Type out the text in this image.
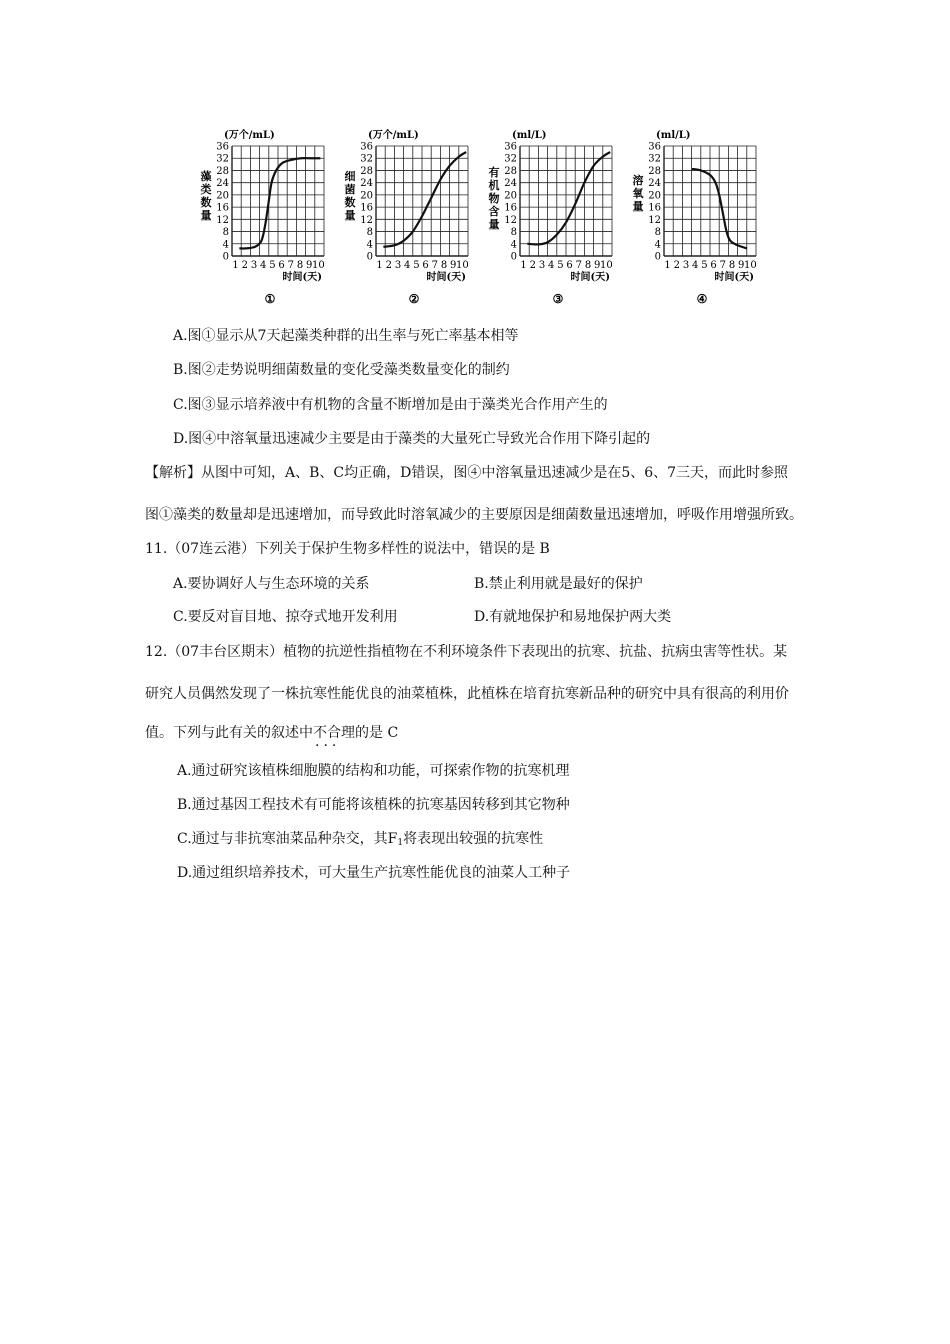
0
4
8
12
16
20
24
28
32
36
1 2 3 4 5 6 7 8 9 10
(万个/mL)
藻
类
数
量
时间(天)
①
0
4
8
12
16
20
24
28
32
36
1 2 3 4 5 6 7 8 9 10
(万个/mL)
细
菌
数
量
时间(天)
②
0
4
8
12
16
20
24
28
32
36
1 2 3 4 5 6 7 8 9 10
(ml/L)
有
机
物
含
量
时间(天)
③
0
4
8
12
16
20
24
28
32
36
1 2 3 4 5 6 7 8 9 10
(ml/L)
溶
氧
量
时间(天)
④
A.图①显示从7天起藻类种群的出生率与死亡率基本相等
B.图②走势说明细菌数量的变化受藻类数量变化的制约
C.图③显示培养液中有机物的含量不断增加是由于藻类光合作用产生的
D.图④中溶氧量迅速减少主要是由于藻类的大量死亡导致光合作用下降引起的
【解析】从图中可知，A、B、C均正确，D错误，图④中溶氧量迅速减少是在5、6、7三天，而此时参照
图①藻类的数量却是迅速增加，而导致此时溶氧减少的主要原因是细菌数量迅速增加，呼吸作用增强所致。
11.（07连云港）下列关于保护生物多样性的说法中，错误的是 B
A.要协调好人与生态环境的关系	B.禁止利用就是最好的保护
C.要反对盲目地、掠夺式地开发利用	D.有就地保护和易地保护两大类
12.（07丰台区期末）植物的抗逆性指植物在不利环境条件下表现出的抗寒、抗盐、抗病虫害等性状。某
研究人员偶然发现了一株抗寒性能优良的油菜植株，此植株在培育抗寒新品种的研究中具有很高的利用价
值。下列与此有关的叙述中不合理 ···的是 C
A.通过研究该植株细胞膜的结构和功能，可探索作物的抗寒机理
B.通过基因工程技术有可能将该植株的抗寒基因转移到其它物种
C.通过与非抗寒油菜品种杂交，其$F_1$将表现出较强的抗寒性
D.通过组织培养技术，可大量生产抗寒性能优良的油菜人工种子
